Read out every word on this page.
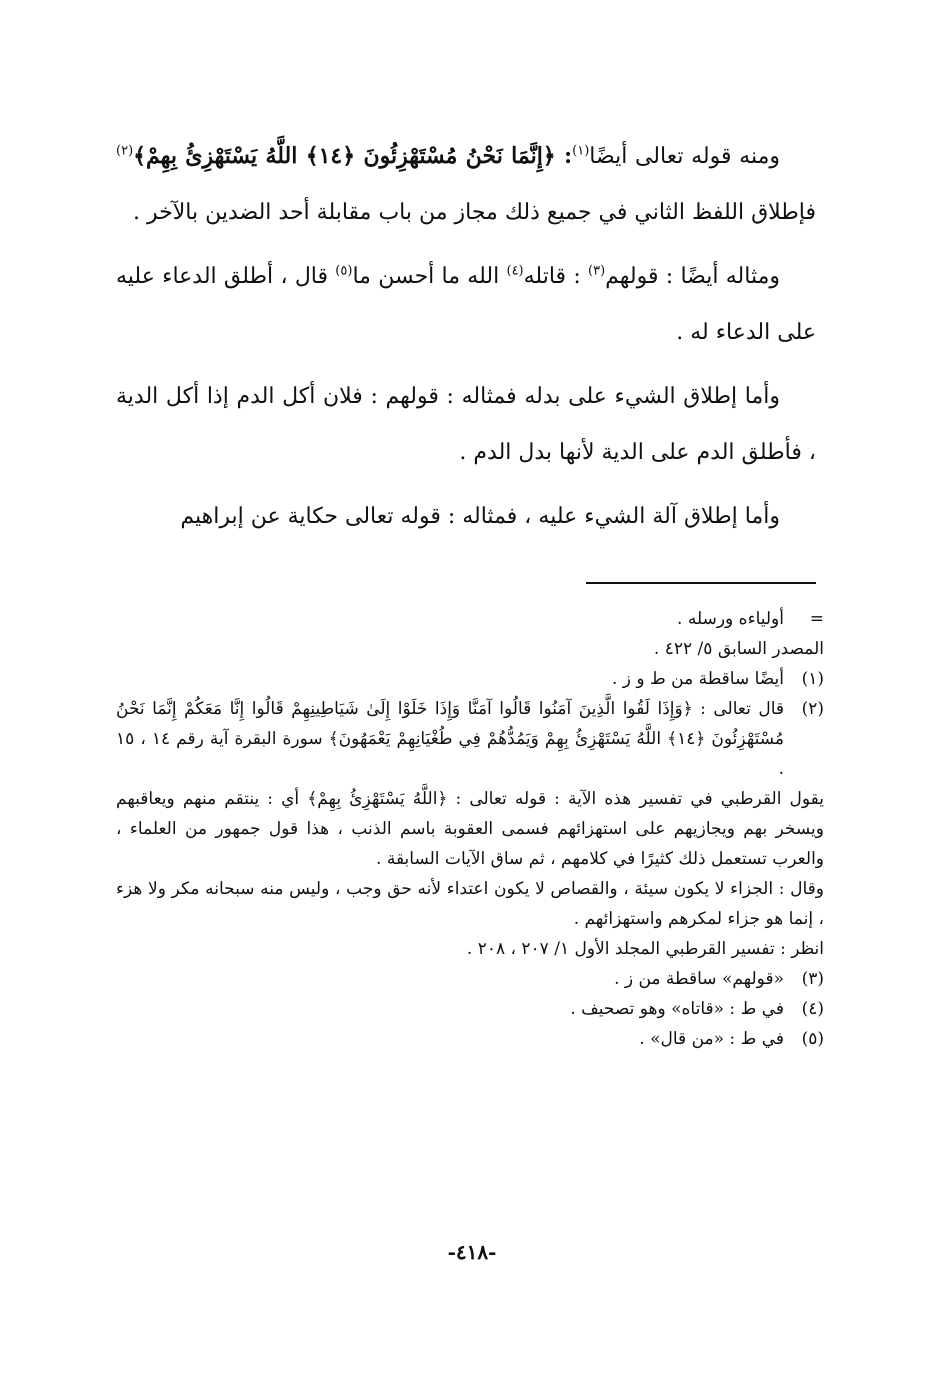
ومنه قوله تعالى أيضًا$^{(١)}$: ﴿إِنَّمَا نَحْنُ مُسْتَهْزِئُونَ ﴿١٤﴾ اللَّهُ يَسْتَهْزِئُ بِهِمْ﴾$^{(٢)}$ فإطلاق اللفظ الثاني في جميع ذلك مجاز من باب مقابلة أحد الضدين بالآخر .

ومثاله أيضًا : قولهم$^{(٣)}$ : قاتله$^{(٤)}$ الله ما أحسن ما$^{(٥)}$ قال ، أطلق الدعاء عليه على الدعاء له .

وأما إطلاق الشيء على بدله فمثاله : قولهم : فلان أكل الدم إذا أكل الدية ، فأطلق الدم على الدية لأنها بدل الدم .

وأما إطلاق آلة الشيء عليه ، فمثاله : قوله تعالى حكاية عن إبراهيم

=
أولياءه ورسله .
المصدر السابق ٥/ ٤٢٢ .
(١)
أيضًا ساقطة من ط و ز .
(٢)
قال تعالى : ﴿وَإِذَا لَقُوا الَّذِينَ آمَنُوا قَالُوا آمَنَّا وَإِذَا خَلَوْا إِلَىٰ شَيَاطِينِهِمْ قَالُوا إِنَّا مَعَكُمْ إِنَّمَا نَحْنُ مُسْتَهْزِئُونَ ﴿١٤﴾ اللَّهُ يَسْتَهْزِئُ بِهِمْ وَيَمُدُّهُمْ فِي طُغْيَانِهِمْ يَعْمَهُونَ﴾ سورة البقرة آية رقم ١٤ ، ١٥ .
يقول القرطبي في تفسير هذه الآية : قوله تعالى : ﴿اللَّهُ يَسْتَهْزِئُ بِهِمْ﴾ أي : ينتقم منهم ويعاقبهم ويسخر بهم ويجازيهم على استهزائهم فسمى العقوبة باسم الذنب ، هذا قول جمهور من العلماء ، والعرب تستعمل ذلك كثيرًا في كلامهم ، ثم ساق الآيات السابقة .
وقال : الجزاء لا يكون سيئة ، والقصاص لا يكون اعتداء لأنه حق وجب ، وليس منه سبحانه مكر ولا هزء ، إنما هو جزاء لمكرهم واستهزائهم .
انظر : تفسير القرطبي المجلد الأول ١/ ٢٠٧ ، ٢٠٨ .
(٣)
«قولهم» ساقطة من ز .
(٤)
في ط : «قاتاه» وهو تصحيف .
(٥)
في ط : «من قال» .
-٤١٨-
